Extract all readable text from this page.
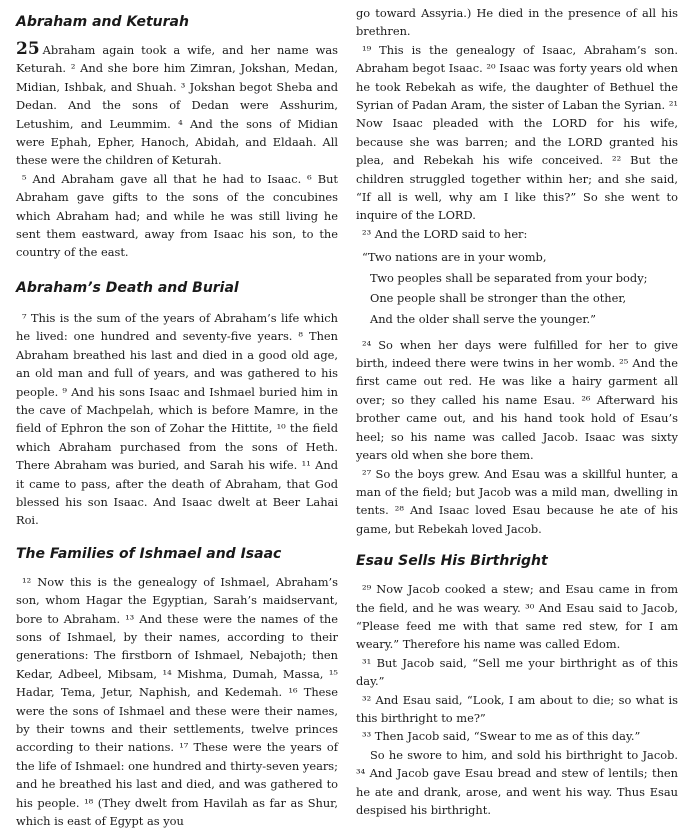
Abraham and Keturah

25 Abraham again took a wife, and her name was Keturah. ² And she bore him Zimran, Jokshan, Medan, Midian, Ishbak, and Shuah. ³ Jokshan begot Sheba and Dedan. And the sons of Dedan were Asshurim, Letushim, and Leummim. ⁴ And the sons of Midian were Ephah, Epher, Hanoch, Abidah, and Eldaah. All these were the children of Keturah.

⁵ And Abraham gave all that he had to Isaac. ⁶ But Abraham gave gifts to the sons of the concubines which Abraham had; and while he was still living he sent them eastward, away from Isaac his son, to the country of the east.

Abraham’s Death and Burial

⁷ This is the sum of the years of Abraham’s life which he lived: one hundred and seventy-five years. ⁸ Then Abraham breathed his last and died in a good old age, an old man and full of years, and was gathered to his people. ⁹ And his sons Isaac and Ishmael buried him in the cave of Machpelah, which is before Mamre, in the field of Ephron the son of Zohar the Hittite, ¹⁰ the field which Abraham purchased from the sons of Heth. There Abraham was buried, and Sarah his wife. ¹¹ And it came to pass, after the death of Abraham, that God blessed his son Isaac. And Isaac dwelt at Beer Lahai Roi.

The Families of Ishmael and Isaac

¹² Now this is the genealogy of Ishmael, Abraham’s son, whom Hagar the Egyptian, Sarah’s maidservant, bore to Abraham. ¹³ And these were the names of the sons of Ishmael, by their names, according to their generations: The firstborn of Ishmael, Nebajoth; then Kedar, Adbeel, Mibsam, ¹⁴ Mishma, Dumah, Massa, ¹⁵ Hadar, Tema, Jetur, Naphish, and Kedemah. ¹⁶ These were the sons of Ishmael and these were their names, by their towns and their settlements, twelve princes according to their nations. ¹⁷ These were the years of the life of Ishmael: one hundred and thirty-seven years; and he breathed his last and died, and was gathered to his people. ¹⁸ (They dwelt from Havilah as far as Shur, which is east of Egypt as you

go toward Assyria.) He died in the presence of all his brethren.

¹⁹ This is the genealogy of Isaac, Abraham’s son. Abraham begot Isaac. ²⁰ Isaac was forty years old when he took Rebekah as wife, the daughter of Bethuel the Syrian of Padan Aram, the sister of Laban the Syrian. ²¹ Now Isaac pleaded with the LORD for his wife, because she was barren; and the LORD granted his plea, and Rebekah his wife conceived. ²² But the children struggled together within her; and she said, “If all is well, why am I like this?” So she went to inquire of the LORD.

²³ And the LORD said to her:

“Two nations are in your womb,
Two peoples shall be separated from your body;
One people shall be stronger than the other,
And the older shall serve the younger.”

²⁴ So when her days were fulfilled for her to give birth, indeed there were twins in her womb. ²⁵ And the first came out red. He was like a hairy garment all over; so they called his name Esau. ²⁶ Afterward his brother came out, and his hand took hold of Esau’s heel; so his name was called Jacob. Isaac was sixty years old when she bore them.

²⁷ So the boys grew. And Esau was a skillful hunter, a man of the field; but Jacob was a mild man, dwelling in tents. ²⁸ And Isaac loved Esau because he ate of his game, but Rebekah loved Jacob.

Esau Sells His Birthright

²⁹ Now Jacob cooked a stew; and Esau came in from the field, and he was weary. ³⁰ And Esau said to Jacob, “Please feed me with that same red stew, for I am weary.” Therefore his name was called Edom.

³¹ But Jacob said, “Sell me your birthright as of this day.”

³² And Esau said, “Look, I am about to die; so what is this birthright to me?”

³³ Then Jacob said, “Swear to me as of this day.”

So he swore to him, and sold his birthright to Jacob. ³⁴ And Jacob gave Esau bread and stew of lentils; then he ate and drank, arose, and went his way. Thus Esau despised his birthright.
